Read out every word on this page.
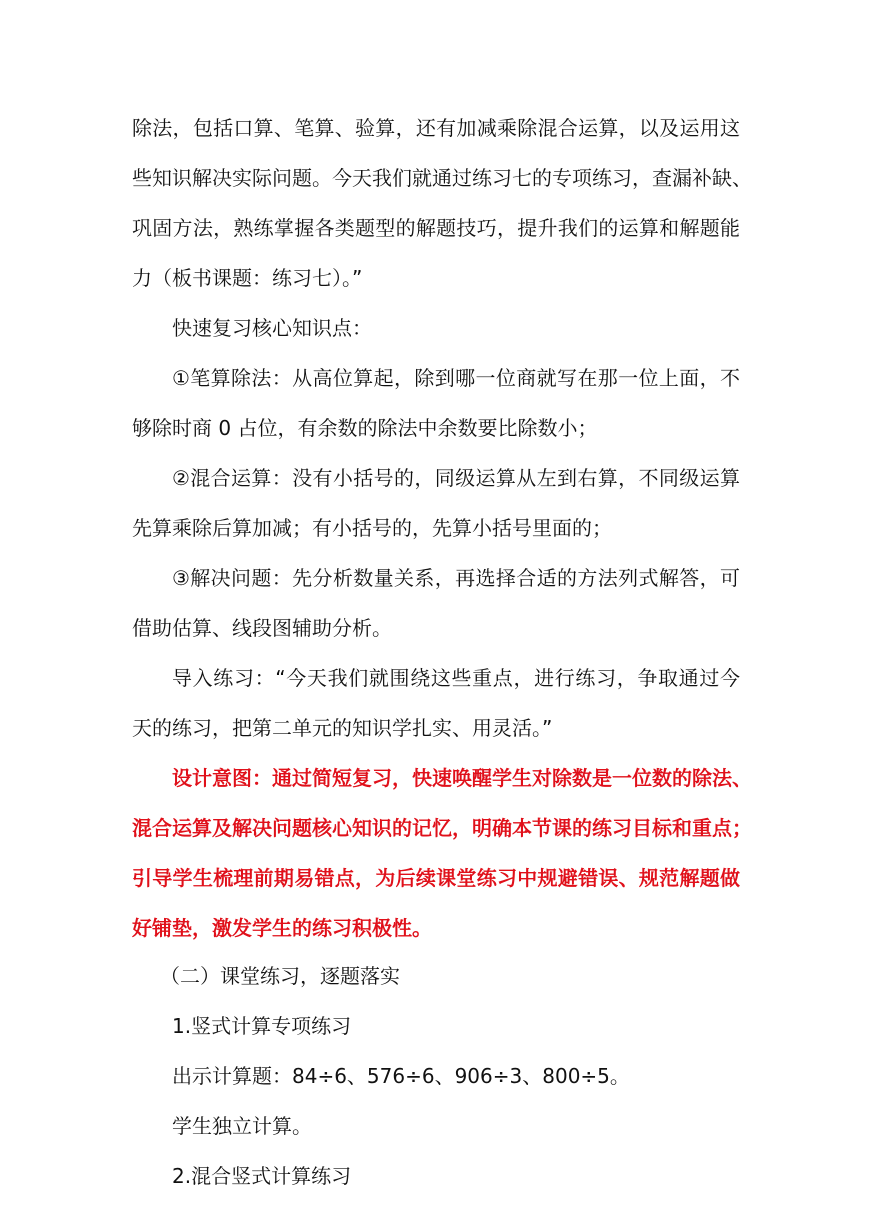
除法，包括口算、笔算、验算，还有加减乘除混合运算，以及运用这
些知识解决实际问题。今天我们就通过练习七的专项练习，查漏补缺、
巩固方法，熟练掌握各类题型的解题技巧，提升我们的运算和解题能
力（板书课题：练习七）。”
快速复习核心知识点：
①笔算除法：从高位算起，除到哪一位商就写在那一位上面，不
够除时商 0 占位，有余数的除法中余数要比除数小；
②混合运算：没有小括号的，同级运算从左到右算，不同级运算
先算乘除后算加减；有小括号的，先算小括号里面的；
③解决问题：先分析数量关系，再选择合适的方法列式解答，可
借助估算、线段图辅助分析。
导入练习：“今天我们就围绕这些重点，进行练习，争取通过今
天的练习，把第二单元的知识学扎实、用灵活。”
设计意图：通过简短复习，快速唤醒学生对除数是一位数的除法、
混合运算及解决问题核心知识的记忆，明确本节课的练习目标和重点；
引导学生梳理前期易错点，为后续课堂练习中规避错误、规范解题做
好铺垫，激发学生的练习积极性。
（二）课堂练习，逐题落实
1.竖式计算专项练习
出示计算题：84÷6、576÷6、906÷3、800÷5。
学生独立计算。
2.混合竖式计算练习
